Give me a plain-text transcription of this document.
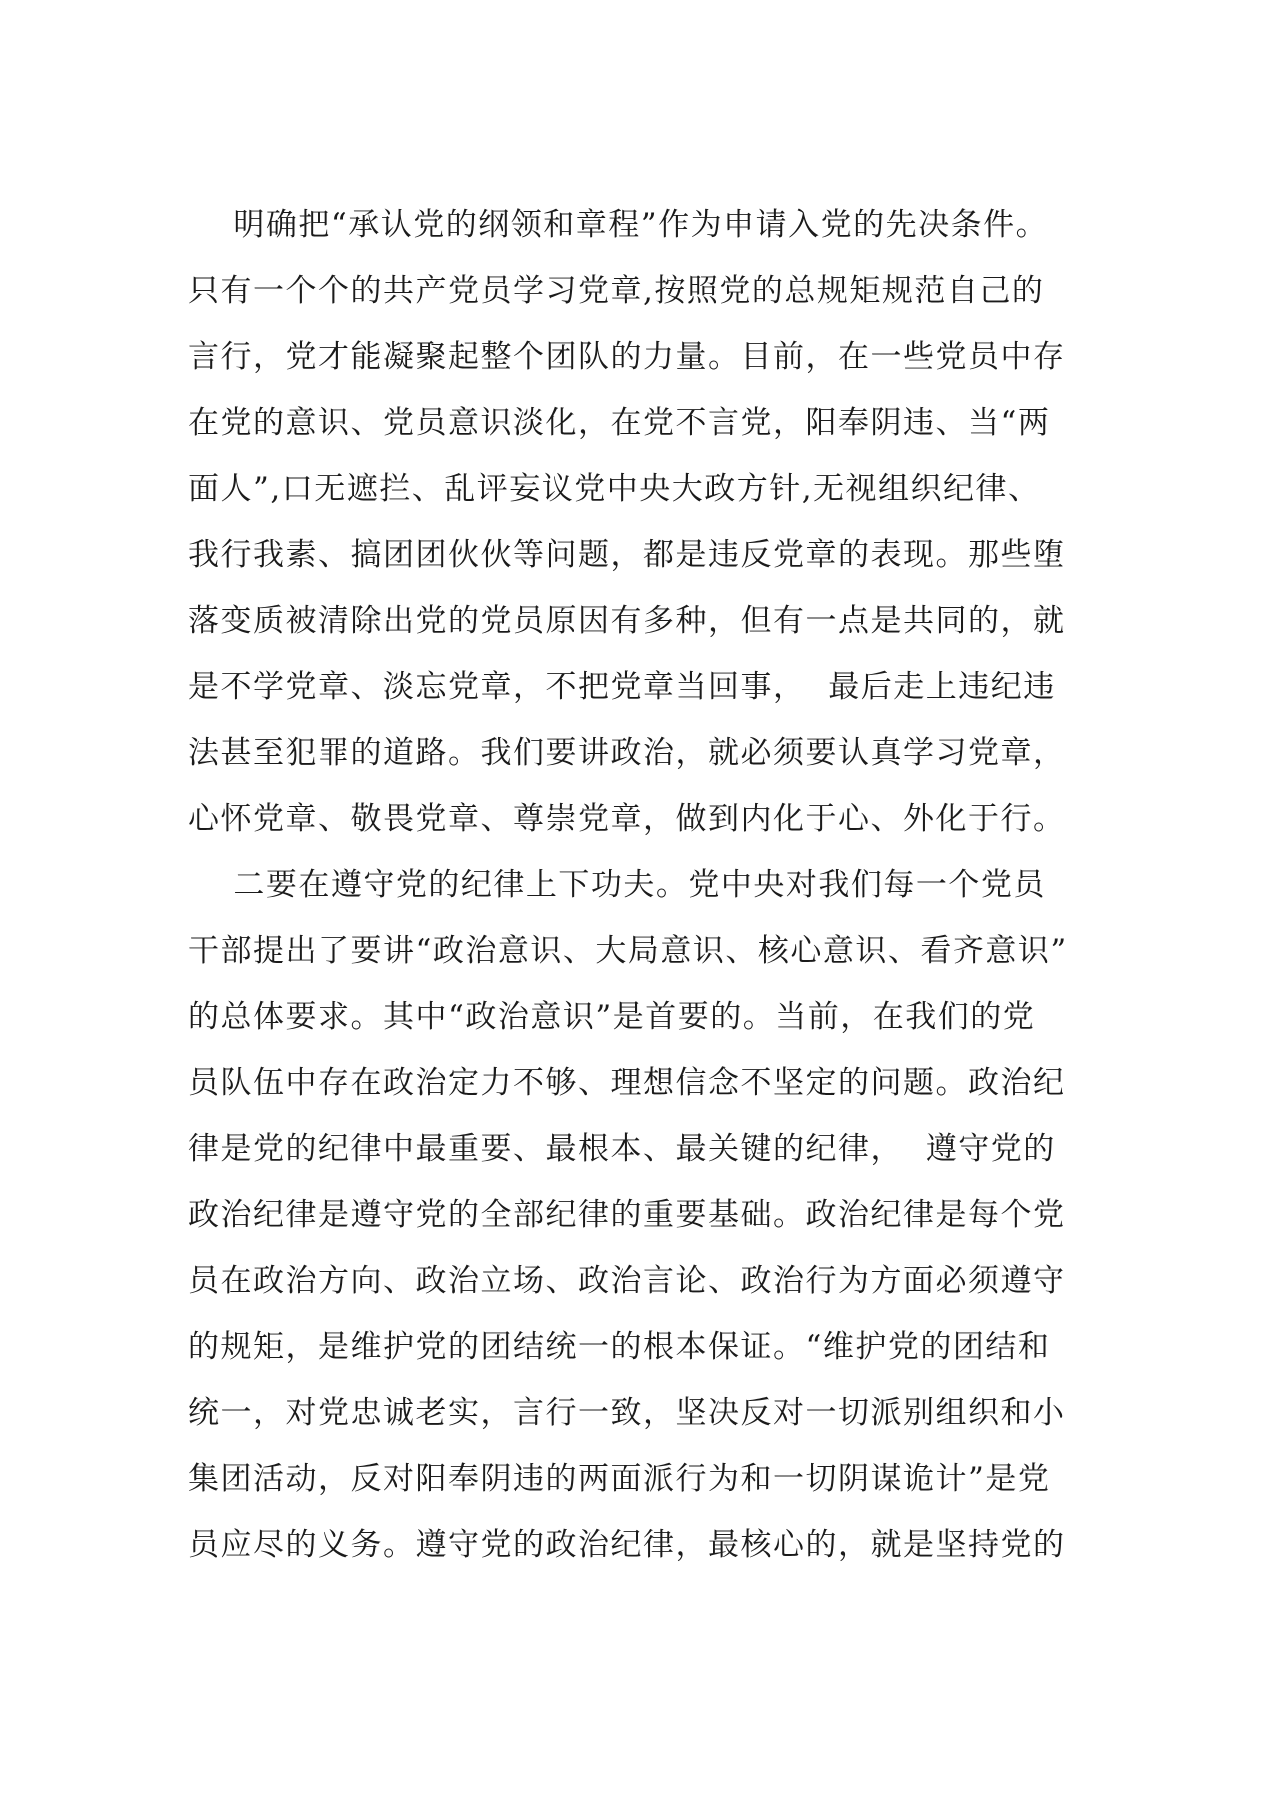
明确把“承认党的纲领和章程”作为申请入党的先决条件。
只有一个个的共产党员学习党章,按照党的总规矩规范自己的
言行，党才能凝聚起整个团队的力量。目前，在一些党员中存
在党的意识、党员意识淡化，在党不言党，阳奉阴违、当“两
面人”,口无遮拦、乱评妄议党中央大政方针,无视组织纪律、
我行我素、搞团团伙伙等问题，都是违反党章的表现。那些堕
落变质被清除出党的党员原因有多种，但有一点是共同的，就
是不学党章、淡忘党章，不把党章当回事，  最后走上违纪违
法甚至犯罪的道路。我们要讲政治，就必须要认真学习党章，
心怀党章、敬畏党章、尊崇党章，做到内化于心、外化于行。
二要在遵守党的纪律上下功夫。党中央对我们每一个党员
干部提出了要讲“政治意识、大局意识、核心意识、看齐意识”
的总体要求。其中“政治意识”是首要的。当前，在我们的党
员队伍中存在政治定力不够、理想信念不坚定的问题。政治纪
律是党的纪律中最重要、最根本、最关键的纪律，  遵守党的
政治纪律是遵守党的全部纪律的重要基础。政治纪律是每个党
员在政治方向、政治立场、政治言论、政治行为方面必须遵守
的规矩，是维护党的团结统一的根本保证。“维护党的团结和
统一，对党忠诚老实，言行一致，坚决反对一切派别组织和小
集团活动，反对阳奉阴违的两面派行为和一切阴谋诡计”是党
员应尽的义务。遵守党的政治纪律，最核心的，就是坚持党的
